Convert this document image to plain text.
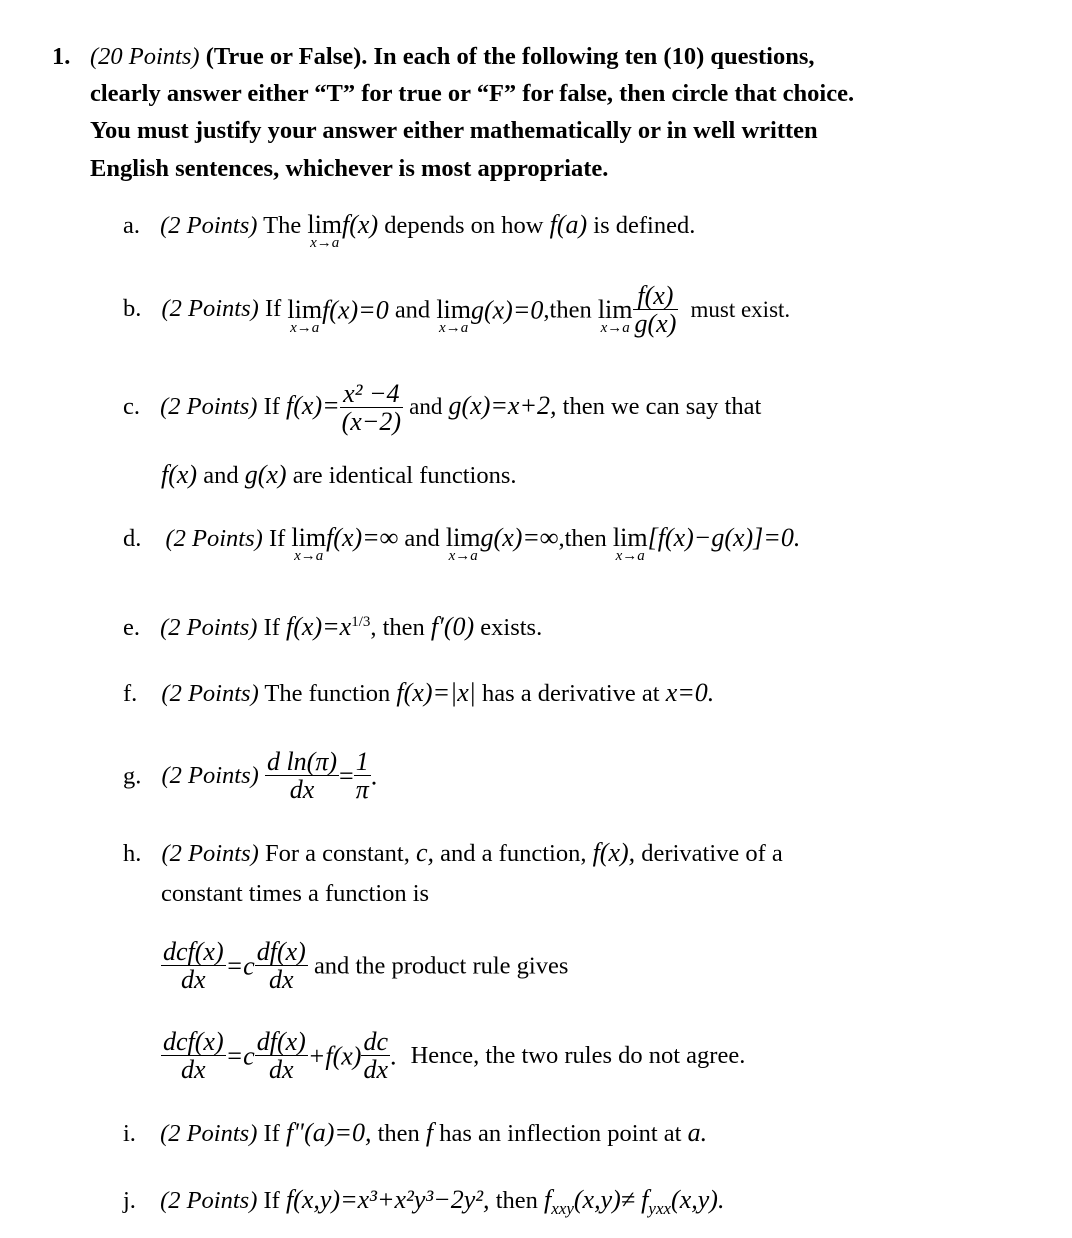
1. (20 Points) (True or False). In each of the following ten (10) questions,
clearly answer either “T” for true or “F” for false, then circle that choice.
You must justify your answer either mathematically or in well written
English sentences, whichever is most appropriate.
a. (2 Points) The lim
x→a
f(x) depends on how f(a) is defined.
b. (2 Points) If lim
x→a
f(x)=0 and lim
x→a
g(x)=0,then lim
$x\to a \frac{f(x)}{g(x)}$ must exist.
c. (2 Points) If $f(x)= \frac{\text{x² −4}}{(x-2)}$ and g(x)=x+2, then we can say that
f(x) and g(x) are identical functions.
d. (2 Points) If lim
x→a
f(x)=∞ and lim
x→a
g(x)=∞,then lim
x→a
[f(x)−g(x)]=0.
e. (2 Points) If $f(x)=x^{1/3}$, then f′(0) exists.
f. (2 Points) The function f(x)=|x| has a derivative at x=0.
g. (2 Points) $\frac{\text{d ln(π)}}{dx} = \frac{1}{\pi}$ .
h. (2 Points) For a constant, c, and a function, f(x), derivative of a
constant times a function is
$\frac{\text{dcf(x)}}{dx} =c \frac{df(x)}{dx}$ and the product rule gives
$\frac{\text{dcf(x)}}{dx} =c \frac{df(x)}{dx} +f(x) \frac{dc}{dx}$ . Hence, the two rules do not agree.
i. (2 Points) If f"(a)=0, then f has an inflection point at a.
j. (2 Points) If f(x,y)=x³+x²y³−2y², then $f_{xxy}(x,y)\ne f_{yxx}(x,y)$.
